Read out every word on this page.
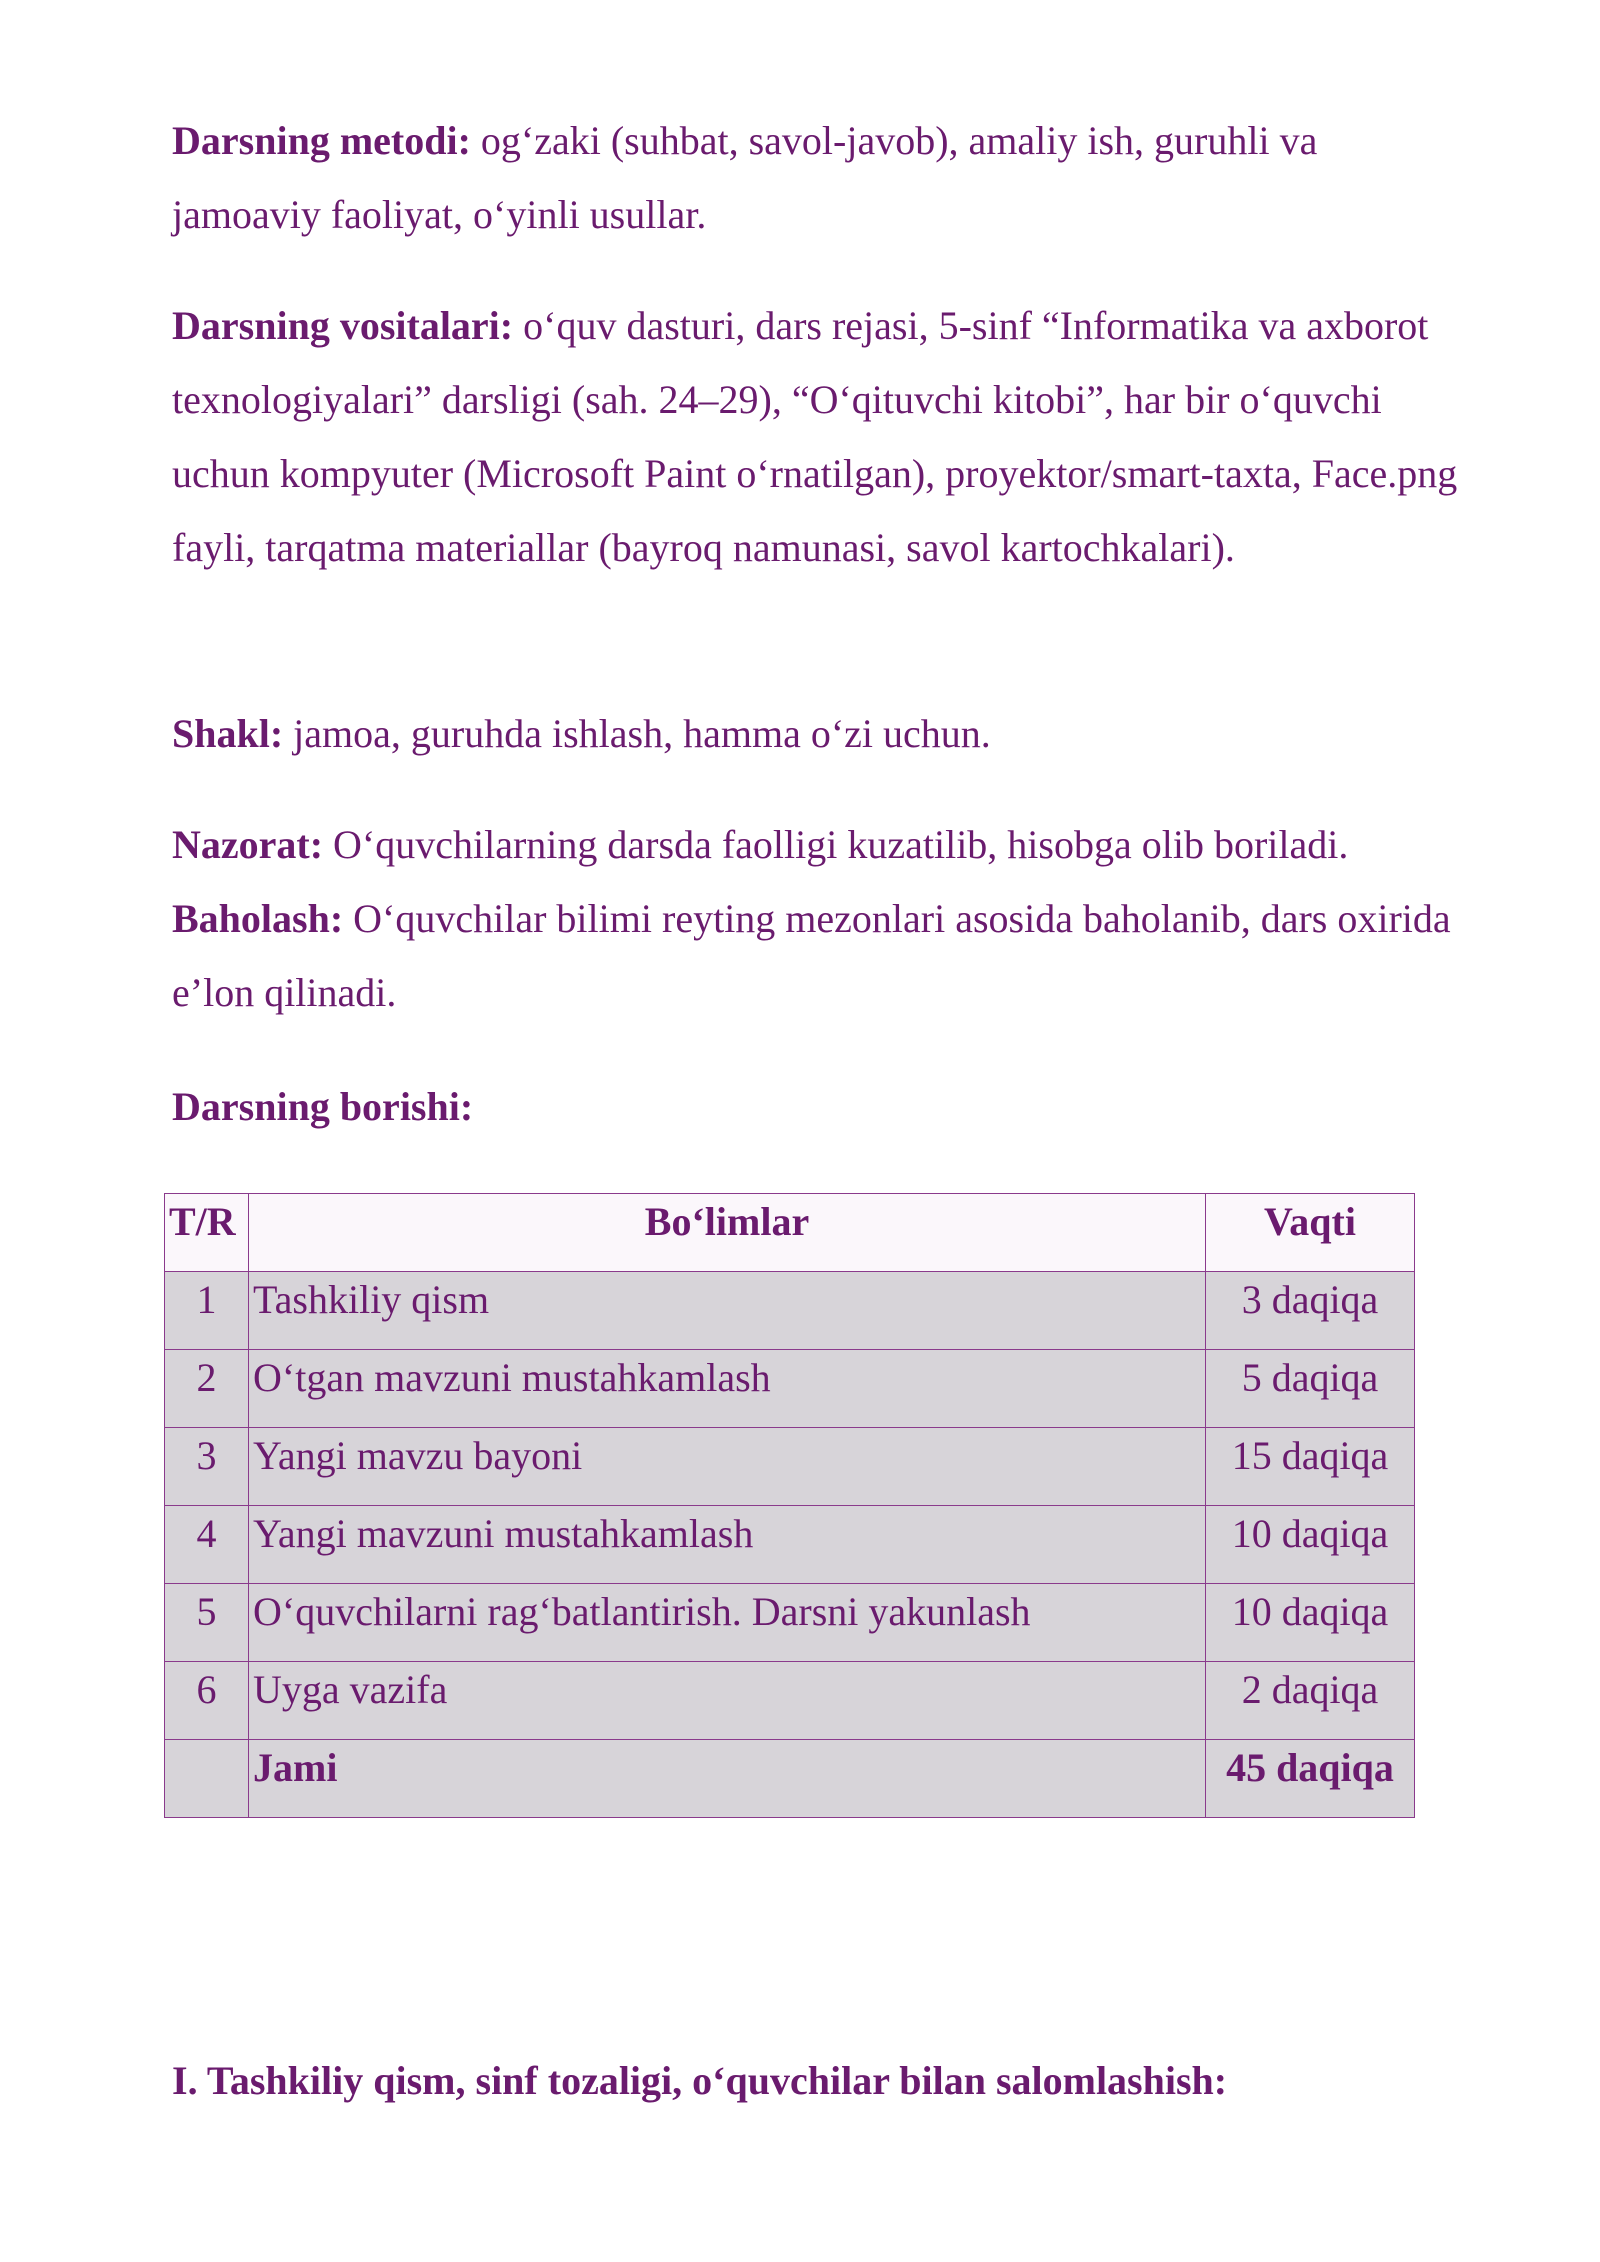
Darsning metodi: og‘zaki (suhbat, savol-javob), amaliy ish, guruhli va jamoaviy faoliyat, o‘yinli usullar.

Darsning vositalari: o‘quv dasturi, dars rejasi, 5-sinf “Informatika va axborot texnologiyalari” darsligi (sah. 24–29), “O‘qituvchi kitobi”, har bir o‘quvchi uchun kompyuter (Microsoft Paint o‘rnatilgan), proyektor/smart-taxta, Face.png fayli, tarqatma materiallar (bayroq namunasi, savol kartochkalari).

Shakl: jamoa, guruhda ishlash, hamma o‘zi uchun.

Nazorat: O‘quvchilarning darsda faolligi kuzatilib, hisobga olib boriladi.

Baholash: O‘quvchilar bilimi reyting mezonlari asosida baholanib, dars oxirida e’lon qilinadi.

Darsning borishi:

I. Tashkiliy qism, sinf tozaligi, o‘quvchilar bilan salomlashish:

T/R	Bo‘limlar	Vaqti
1	Tashkiliy qism	3 daqiqa
2	O‘tgan mavzuni mustahkamlash	5 daqiqa
3	Yangi mavzu bayoni	15 daqiqa
4	Yangi mavzuni mustahkamlash	10 daqiqa
5	O‘quvchilarni rag‘batlantirish. Darsni yakunlash	10 daqiqa
6	Uyga vazifa	2 daqiqa
	Jami	45 daqiqa
